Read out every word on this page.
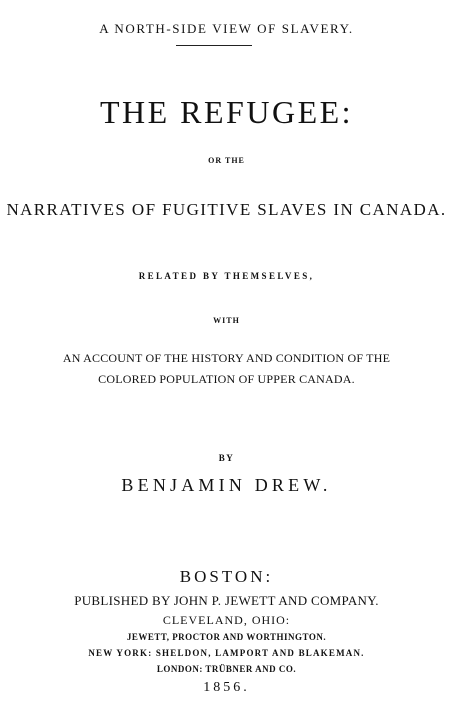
A NORTH-SIDE VIEW OF SLAVERY.
THE REFUGEE:
OR THE
NARRATIVES OF FUGITIVE SLAVES IN CANADA.
RELATED BY THEMSELVES,
WITH
AN ACCOUNT OF THE HISTORY AND CONDITION OF THE
COLORED POPULATION OF UPPER CANADA.
BY
BENJAMIN DREW.
BOSTON:
PUBLISHED BY JOHN P. JEWETT AND COMPANY.
CLEVELAND, OHIO:
JEWETT, PROCTOR AND WORTHINGTON.
NEW YORK: SHELDON, LAMPORT AND BLAKEMAN.
LONDON: TRÜBNER AND CO.
1856.
